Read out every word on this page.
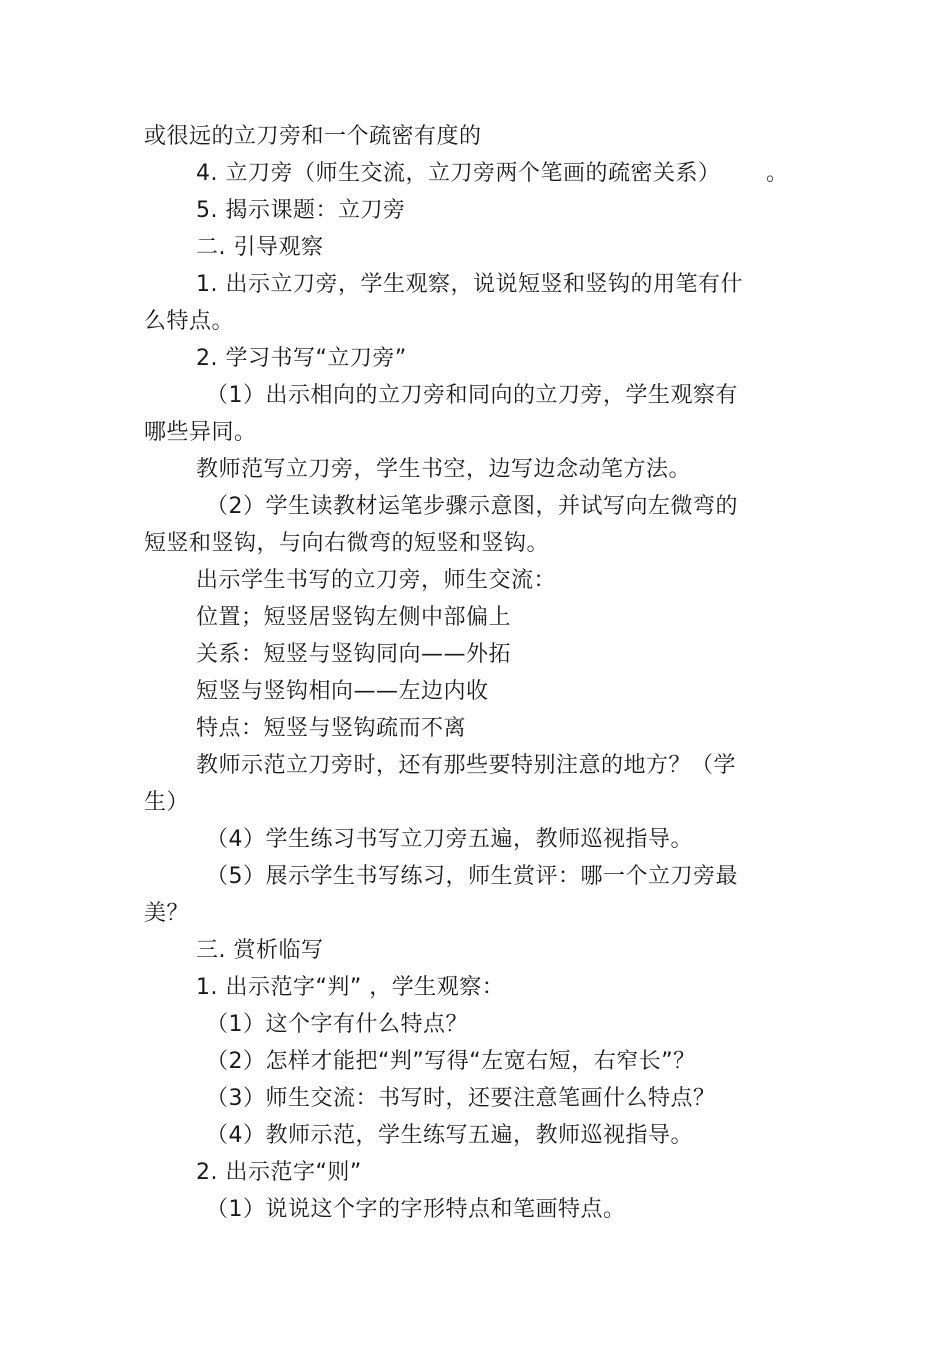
或很远的立刀旁和一个疏密有度的
4. 立刀旁（师生交流，立刀旁两个笔画的疏密关系） 。
5. 揭示课题：立刀旁
二. 引导观察
1. 出示立刀旁，学生观察，说说短竖和竖钩的用笔有什
么特点。
2. 学习书写“立刀旁”
（1）出示相向的立刀旁和同向的立刀旁，学生观察有
哪些异同。
教师范写立刀旁，学生书空，边写边念动笔方法。
（2）学生读教材运笔步骤示意图，并试写向左微弯的
短竖和竖钩，与向右微弯的短竖和竖钩。
出示学生书写的立刀旁，师生交流：
位置；短竖居竖钩左侧中部偏上
关系：短竖与竖钩同向——外拓
短竖与竖钩相向——左边内收
特点：短竖与竖钩疏而不离
教师示范立刀旁时，还有那些要特别注意的地方？（学
生）
（4）学生练习书写立刀旁五遍，教师巡视指导。
（5）展示学生书写练习，师生赏评：哪一个立刀旁最
美？
三. 赏析临写
1. 出示范字“判” ，学生观察：
（1）这个字有什么特点？
（2）怎样才能把“判”写得“左宽右短，右窄长”？
（3）师生交流：书写时，还要注意笔画什么特点？
（4）教师示范，学生练写五遍，教师巡视指导。
2. 出示范字“则”
（1）说说这个字的字形特点和笔画特点。
